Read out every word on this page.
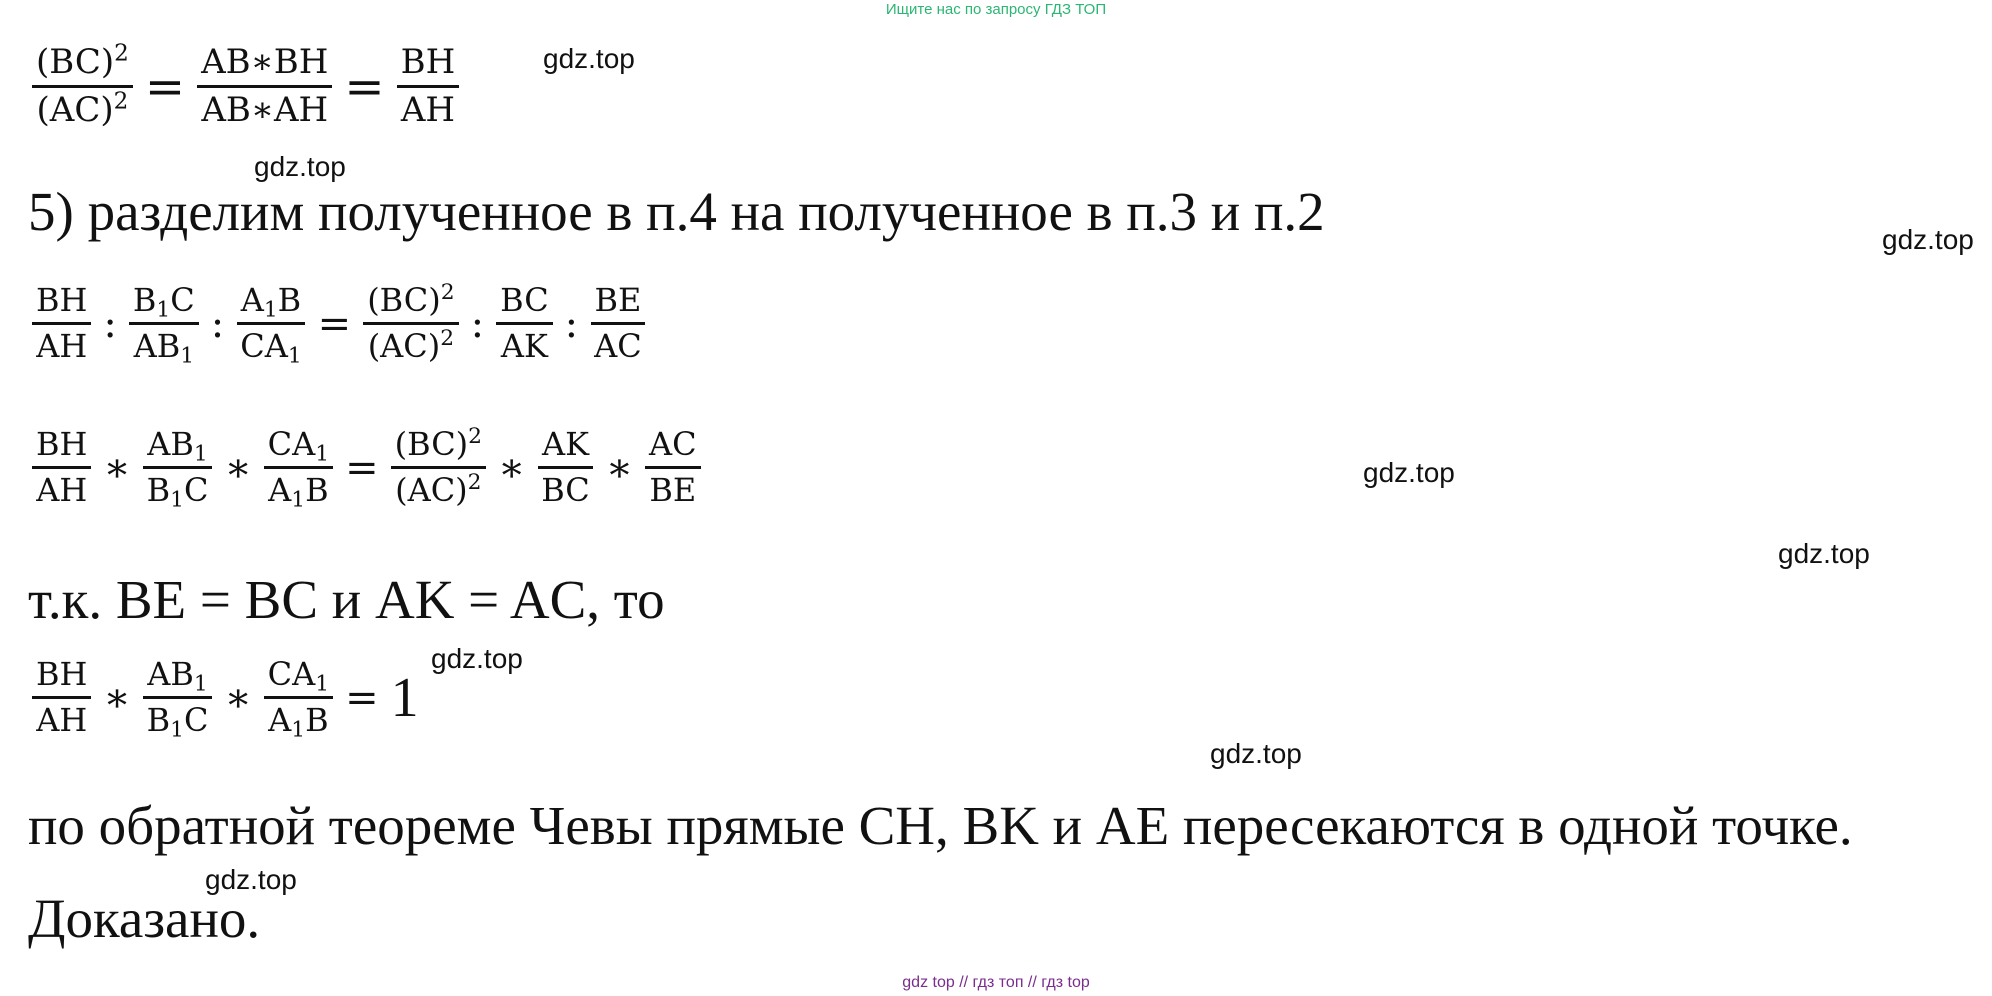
Ищите нас по запросу ГДЗ ТОП
$\frac{(BC)^2}{(AC)^2} = \frac{AB∗BH}{AB∗AH} = \frac{BH}{AH}$
5) разделим полученное в п.4 на полученное в п.3 и п.2
$\frac{BH}{AH}$ : $\frac{B_1C}{AB_1}$ : $\frac{A_1B}{CA_1} = \frac{(BC)^2}{(AC)^2}$ : $\frac{BC}{AK}$ : $\frac{BE}{AC}$
$\frac{BH}{AH}$ ∗ $\frac{AB_1}{B_1C}$ ∗ $\frac{CA_1}{A_1B} = \frac{(BC)^2}{(AC)^2}$ ∗ $\frac{AK}{BC}$ ∗ $\frac{AC}{BE}$
т.к. BE = BC и AK = AC, то
$\frac{BH}{AH}$ ∗ $\frac{AB_1}{B_1C}$ ∗ $\frac{CA_1}{A_1B} = 1$
по обратной теореме Чевы прямые CH, BK и AE пересекаются в одной точке.
Доказано.
gdz.top
gdz.top
gdz.top
gdz.top
gdz.top
gdz.top
gdz.top
gdz.top
gdz top // гдз топ // гдз top
